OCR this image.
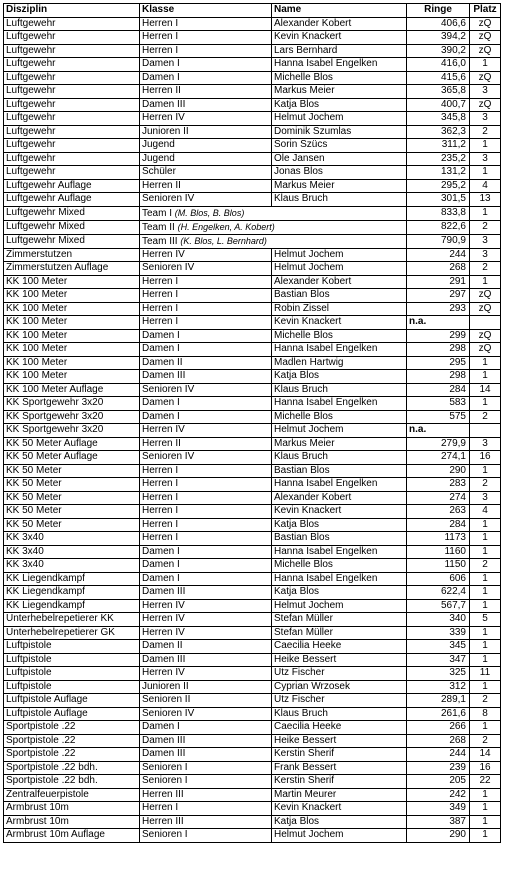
Disziplin	Klasse	Name	Ringe	Platz
Luftgewehr	Herren I	Alexander Kobert	406,6	zQ
Luftgewehr	Herren I	Kevin Knackert	394,2	zQ
Luftgewehr	Herren I	Lars Bernhard	390,2	zQ
Luftgewehr	Damen I	Hanna Isabel Engelken	416,0	1
Luftgewehr	Damen I	Michelle Blos	415,6	zQ
Luftgewehr	Herren II	Markus Meier	365,8	3
Luftgewehr	Damen III	Katja Blos	400,7	zQ
Luftgewehr	Herren IV	Helmut Jochem	345,8	3
Luftgewehr	Junioren II	Dominik Szumlas	362,3	2
Luftgewehr	Jugend	Sorin Szücs	311,2	1
Luftgewehr	Jugend	Ole Jansen	235,2	3
Luftgewehr	Schüler	Jonas Blos	131,2	1
Luftgewehr Auflage	Herren II	Markus Meier	295,2	4
Luftgewehr Auflage	Senioren IV	Klaus Bruch	301,5	13
Luftgewehr Mixed	Team I (M. Blos, B. Blos)		833,8	1
Luftgewehr Mixed	Team II (H. Engelken, A. Kobert)		822,6	2
Luftgewehr Mixed	Team III (K. Blos, L. Bernhard)		790,9	3
Zimmerstutzen	Herren IV	Helmut Jochem	244	3
Zimmerstutzen Auflage	Senioren IV	Helmut Jochem	268	2
KK 100 Meter	Herren I	Alexander Kobert	291	1
KK 100 Meter	Herren I	Bastian Blos	297	zQ
KK 100 Meter	Herren I	Robin Zissel	293	zQ
KK 100 Meter	Herren I	Kevin Knackert	n.a.	
KK 100 Meter	Damen I	Michelle Blos	299	zQ
KK 100 Meter	Damen I	Hanna Isabel Engelken	298	zQ
KK 100 Meter	Damen II	Madlen Hartwig	295	1
KK 100 Meter	Damen III	Katja Blos	298	1
KK 100 Meter Auflage	Senioren IV	Klaus Bruch	284	14
KK Sportgewehr 3x20	Damen I	Hanna Isabel Engelken	583	1
KK Sportgewehr 3x20	Damen I	Michelle Blos	575	2
KK Sportgewehr 3x20	Herren IV	Helmut Jochem	n.a.	
KK 50 Meter Auflage	Herren II	Markus Meier	279,9	3
KK 50 Meter Auflage	Senioren IV	Klaus Bruch	274,1	16
KK 50 Meter	Herren I	Bastian Blos	290	1
KK 50 Meter	Herren I	Hanna Isabel Engelken	283	2
KK 50 Meter	Herren I	Alexander Kobert	274	3
KK 50 Meter	Herren I	Kevin Knackert	263	4
KK 50 Meter	Herren I	Katja Blos	284	1
KK 3x40	Herren I	Bastian Blos	1173	1
KK 3x40	Damen I	Hanna Isabel Engelken	1160	1
KK 3x40	Damen I	Michelle Blos	1150	2
KK Liegendkampf	Damen I	Hanna Isabel Engelken	606	1
KK Liegendkampf	Damen III	Katja Blos	622,4	1
KK Liegendkampf	Herren IV	Helmut Jochem	567,7	1
Unterhebelrepetierer KK	Herren IV	Stefan Müller	340	5
Unterhebelrepetierer GK	Herren IV	Stefan Müller	339	1
Luftpistole	Damen II	Caecilia Heeke	345	1
Luftpistole	Damen III	Heike Bessert	347	1
Luftpistole	Herren IV	Utz Fischer	325	11
Luftpistole	Junioren II	Cyprian Wrzosek	312	1
Luftpistole Auflage	Senioren II	Utz Fischer	289,1	2
Luftpistole Auflage	Senioren IV	Klaus Bruch	261,6	8
Sportpistole .22	Damen I	Caecilia Heeke	266	1
Sportpistole .22	Damen III	Heike Bessert	268	2
Sportpistole .22	Damen III	Kerstin Sherif	244	14
Sportpistole .22 bdh.	Senioren I	Frank Bessert	239	16
Sportpistole .22 bdh.	Senioren I	Kerstin Sherif	205	22
Zentralfeuerpistole	Herren III	Martin Meurer	242	1
Armbrust 10m	Herren I	Kevin Knackert	349	1
Armbrust 10m	Herren III	Katja Blos	387	1
Armbrust 10m Auflage	Senioren I	Helmut Jochem	290	1
